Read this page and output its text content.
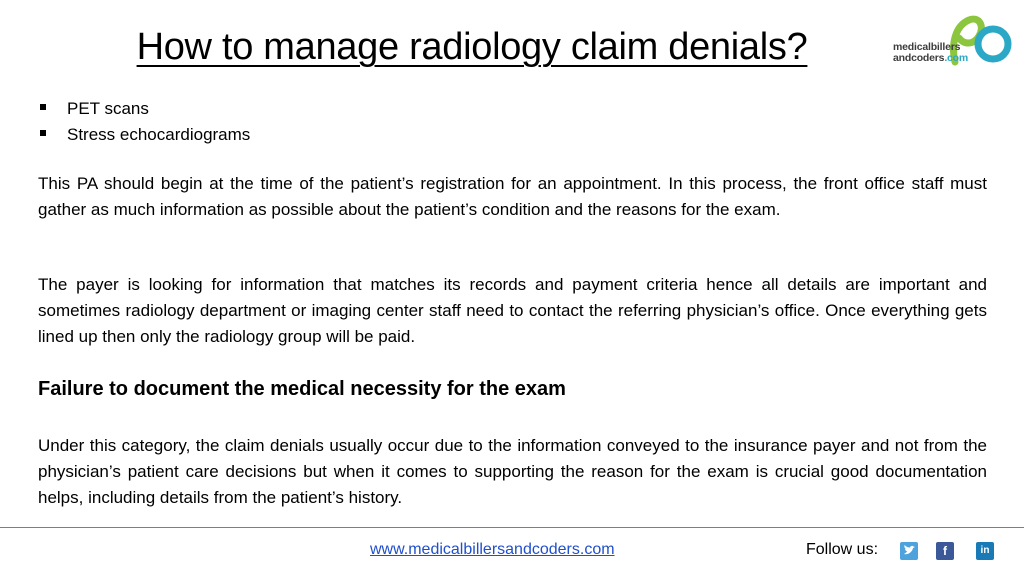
How to manage radiology claim denials?	medicalbillers
andcoders.com
PET scans
Stress echocardiograms

This PA should begin at the time of the patient’s registration for an appointment. In this process, the front office staff must gather as much information as possible about the patient’s condition and the reasons for the exam.

The payer is looking for information that matches its records and payment criteria hence all details are important and sometimes radiology department or imaging center staff need to contact the referring physician’s office. Once everything gets lined up then only the radiology group will be paid.

Failure to document the medical necessity for the exam

Under this category, the claim denials usually occur due to the information conveyed to the insurance payer and not from the physician’s patient care decisions but when it comes to supporting the reason for the exam is crucial good documentation helps, including details from the patient’s history.

www.medicalbillersandcoders.com	Follow us:	f	in
